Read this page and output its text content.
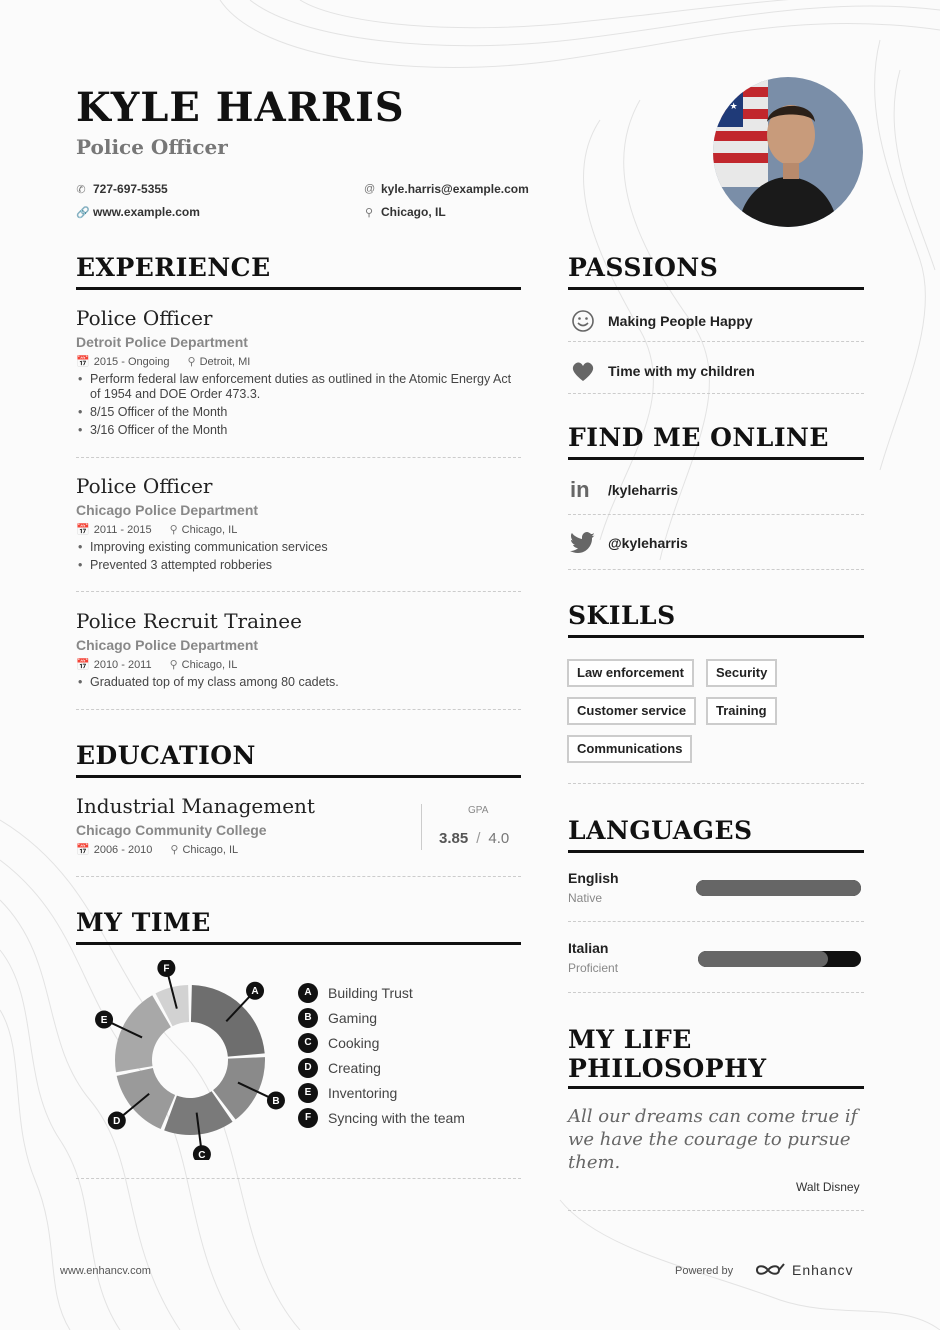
KYLE HARRIS
Police Officer
✆ 727-697-5355
🔗 www.example.com
@ kyle.harris@example.com
⚲ Chicago, IL
★ ★
★ ★
EXPERIENCE
Police Officer
Detroit Police Department
📅 2015 - Ongoing ⚲ Detroit, MI
• Perform federal law enforcement duties as outlined in the Atomic Energy Act of 1954 and DOE Order 473.3.
• 8/15 Officer of the Month
• 3/16 Officer of the Month
Police Officer
Chicago Police Department
📅 2011 - 2015 ⚲ Chicago, IL
• Improving existing communication services
• Prevented 3 attempted robberies
Police Recruit Trainee
Chicago Police Department
📅 2010 - 2011 ⚲ Chicago, IL
• Graduated top of my class among 80 cadets.
EDUCATION
Industrial Management
Chicago Community College
📅 2006 - 2010 ⚲ Chicago, IL
GPA
3.85 / 4.0
MY TIME
A
B
C
D
E
F
A	Building Trust
B	Gaming
C	Cooking
D	Creating
E	Inventoring
F	Syncing with the team
PASSIONS
Making People Happy
Time with my children
FIND ME ONLINE
in	/kyleharris
@kyleharris
SKILLS
Law enforcement	Security
Customer service	Training
Communications
LANGUAGES
English
Native
Italian
Proficient
MY LIFE
PHILOSOPHY
All our dreams can come true if we have the courage to pursue them.
Walt Disney
www.enhancv.com	Powered by	Enhancv
